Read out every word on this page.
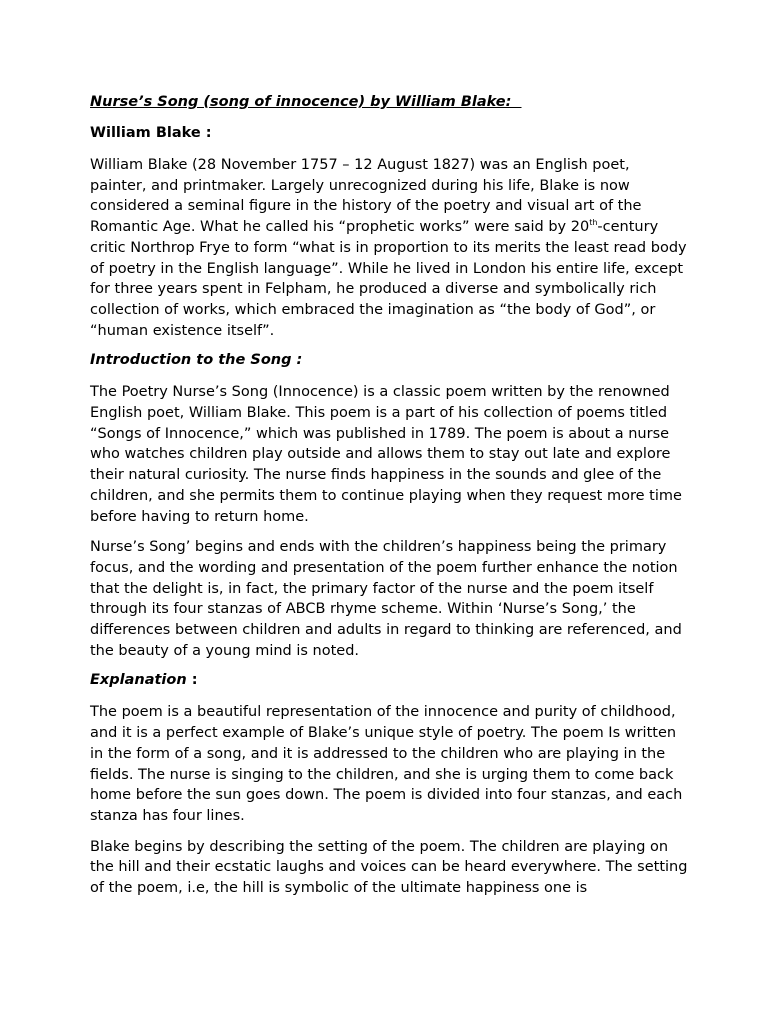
Nurse’s Song (song of innocence) by William Blake:
William Blake :

William Blake (28 November 1757 – 12 August 1827) was an English poet, painter, and printmaker. Largely unrecognized during his life, Blake is now considered a seminal figure in the history of the poetry and visual art of the Romantic Age. What he called his “prophetic works” were said by 20th-century critic Northrop Frye to form “what is in proportion to its merits the least read body of poetry in the English language”. While he lived in London his entire life, except for three years spent in Felpham, he produced a diverse and symbolically rich collection of works, which embraced the imagination as “the body of God”, or “human existence itself”.

Introduction to the Song :

The Poetry Nurse’s Song (Innocence) is a classic poem written by the renowned English poet, William Blake. This poem is a part of his collection of poems titled “Songs of Innocence,” which was published in 1789. The poem is about a nurse who watches children play outside and allows them to stay out late and explore their natural curiosity. The nurse finds happiness in the sounds and glee of the children, and she permits them to continue playing when they request more time before having to return home.

Nurse’s Song’ begins and ends with the children’s happiness being the primary focus, and the wording and presentation of the poem further enhance the notion that the delight is, in fact, the primary factor of the nurse and the poem itself through its four stanzas of ABCB rhyme scheme. Within ‘Nurse’s Song,’ the differences between children and adults in regard to thinking are referenced, and the beauty of a young mind is noted.

Explanation :

The poem is a beautiful representation of the innocence and purity of childhood, and it is a perfect example of Blake’s unique style of poetry. The poem Is written in the form of a song, and it is addressed to the children who are playing in the fields. The nurse is singing to the children, and she is urging them to come back home before the sun goes down. The poem is divided into four stanzas, and each stanza has four lines.

Blake begins by describing the setting of the poem. The children are playing on the hill and their ecstatic laughs and voices can be heard everywhere. The setting of the poem, i.e, the hill is symbolic of the ultimate happiness one is
